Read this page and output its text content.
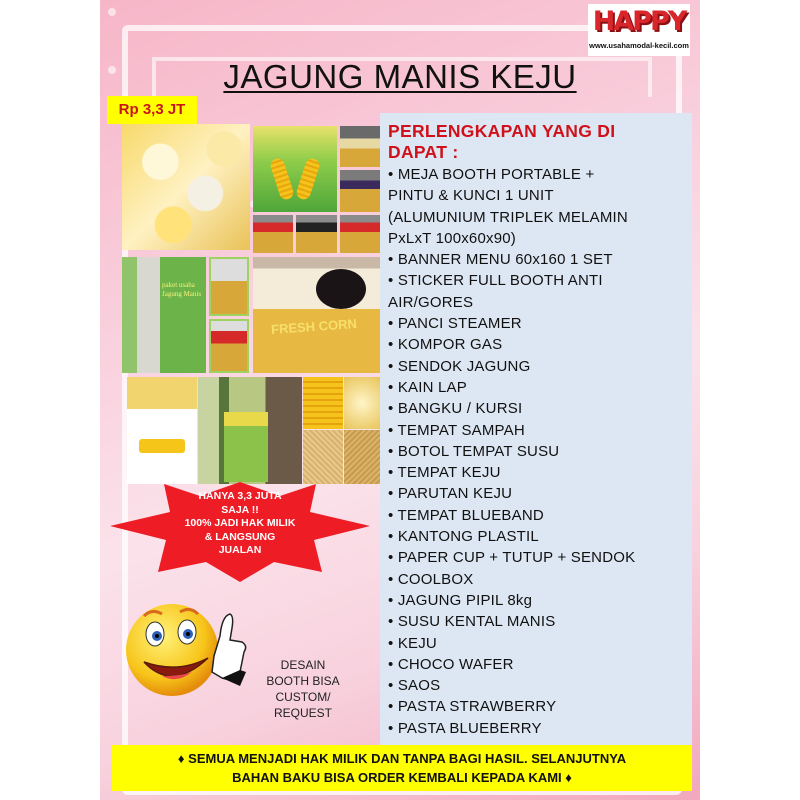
HAPPY
www.usahamodal-kecil.com
JAGUNG MANIS KEJU
Rp 3,3 JT
paket usaha Jagung Manis
FRESH CORN
HANYA 3,3 JUTA
SAJA !!
100% JADI HAK MILIK
& LANGSUNG
JUALAN
DESAIN
BOOTH BISA
CUSTOM/
REQUEST
PERLENGKAPAN YANG DI
DAPAT :
• MEJA BOOTH PORTABLE +
PINTU & KUNCI 1 UNIT
(ALUMUNIUM TRIPLEK MELAMIN
PxLxT 100x60x90)
• BANNER MENU 60x160 1 SET
• STICKER FULL BOOTH ANTI
AIR/GORES
• PANCI STEAMER
• KOMPOR GAS
• SENDOK JAGUNG
• KAIN LAP
• BANGKU / KURSI
• TEMPAT SAMPAH
• BOTOL TEMPAT SUSU
• TEMPAT KEJU
• PARUTAN KEJU
• TEMPAT BLUEBAND
• KANTONG PLASTIL
• PAPER CUP + TUTUP + SENDOK
• COOLBOX
• JAGUNG PIPIL 8kg
• SUSU KENTAL MANIS
• KEJU
• CHOCO WAFER
• SAOS
• PASTA STRAWBERRY
• PASTA BLUEBERRY
♦ SEMUA MENJADI HAK MILIK DAN TANPA BAGI HASIL. SELANJUTNYA
BAHAN BAKU BISA ORDER KEMBALI KEPADA KAMI ♦
